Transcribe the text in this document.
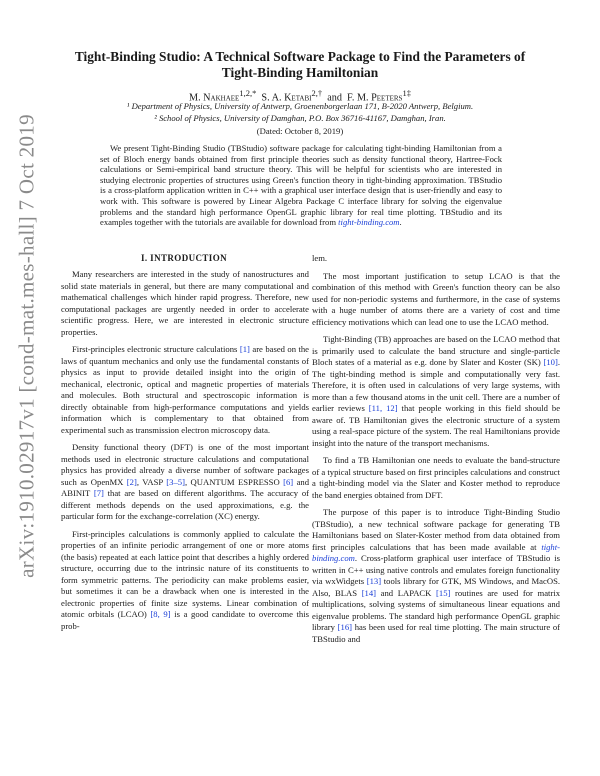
arXiv:1910.02917v1 [cond-mat.mes-hall] 7 Oct 2019
Tight-Binding Studio: A Technical Software Package to Find the Parameters of
Tight-Binding Hamiltonian
M. Nakhaee$^{1,2,*}$ S. A. Ketabi$^{2,\dagger}$ and F. M. Peeters$^{1\ddagger}$
¹ Department of Physics, University of Antwerp, Groenenborgerlaan 171, B-2020 Antwerp, Belgium.
² School of Physics, University of Damghan, P.O. Box 36716-41167, Damghan, Iran.
(Dated: October 8, 2019)
We present Tight-Binding Studio (TBStudio) software package for calculating tight-binding Hamiltonian from a set of Bloch energy bands obtained from first principle theories such as density functional theory, Hartree-Fock calculations or Semi-empirical band structure theory. This will be helpful for scientists who are interested in studying electronic properties of structures using Green's function theory in tight-binding approximation. TBStudio is a cross-platform application written in C++ with a graphical user interface design that is user-friendly and easy to work with. This software is powered by Linear Algebra Package C interface library for solving the eigenvalue problems and the standard high performance OpenGL graphic library for real time plotting. TBStudio and its examples together with the tutorials are available for download from tight-binding.com.
I. INTRODUCTION

Many researchers are interested in the study of nanostructures and solid state materials in general, but there are many computational and mathematical challenges which hinder rapid progress. Therefore, new computational packages are urgently needed in order to accelerate scientific progress. Here, we are interested in electronic structure properties.

First-principles electronic structure calculations [1] are based on the laws of quantum mechanics and only use the fundamental constants of physics as input to provide detailed insight into the origin of mechanical, electronic, optical and magnetic properties of materials and molecules. Both structural and spectroscopic information is directly obtainable from high-performance computations and yields information which is complementary to that obtained from experimental such as transmission electron microscopy data.

Density functional theory (DFT) is one of the most important methods used in electronic structure calculations and computational physics has provided already a diverse number of software packages such as OpenMX [2], VASP [3–5], QUANTUM ESPRESSO [6] and ABINIT [7] that are based on different algorithms. The accuracy of different methods depends on the used approximations, e.g. the particular form for the exchange-correlation (XC) energy.

First-principles calculations is commonly applied to calculate the properties of an infinite periodic arrangement of one or more atoms (the basis) repeated at each lattice point that describes a highly ordered structure, occurring due to the intrinsic nature of its constituents to form symmetric patterns. The periodicity can make problems easier, but sometimes it can be a drawback when one is interested in the electronic properties of finite size systems. Linear combination of atomic orbitals (LCAO) [8, 9] is a good candidate to overcome this prob-

lem.

The most important justification to setup LCAO is that the combination of this method with Green's function theory can be also used for non-periodic systems and furthermore, in the case of systems with a huge number of atoms there are a variety of cost and time efficiency motivations which can lead one to use the LCAO method.

Tight-Binding (TB) approaches are based on the LCAO method that is primarily used to calculate the band structure and single-particle Bloch states of a material as e.g. done by Slater and Koster (SK) [10]. The tight-binding method is simple and computationally very fast. Therefore, it is often used in calculations of very large systems, with more than a few thousand atoms in the unit cell. There are a number of earlier reviews [11, 12] that people working in this field should be aware of. TB Hamiltonian gives the electronic structure of a system using a real-space picture of the system. The real Hamiltonians provide insight into the nature of the transport mechanisms.

To find a TB Hamiltonian one needs to evaluate the band-structure of a typical structure based on first principles calculations and construct a tight-binding model via the Slater and Koster method to reproduce the band energies obtained from DFT.

The purpose of this paper is to introduce Tight-Binding Studio (TBStudio), a new technical software package for generating TB Hamiltonians based on Slater-Koster method from data obtained from first principles calculations that has been made available at tight-binding.com. Cross-platform graphical user interface of TBStudio is written in C++ using native controls and emulates foreign functionality via wxWidgets [13] tools library for GTK, MS Windows, and MacOS. Also, BLAS [14] and LAPACK [15] routines are used for matrix multiplications, solving systems of simultaneous linear equations and eigenvalue problems. The standard high performance OpenGL graphic library [16] has been used for real time plotting. The main structure of TBStudio and
